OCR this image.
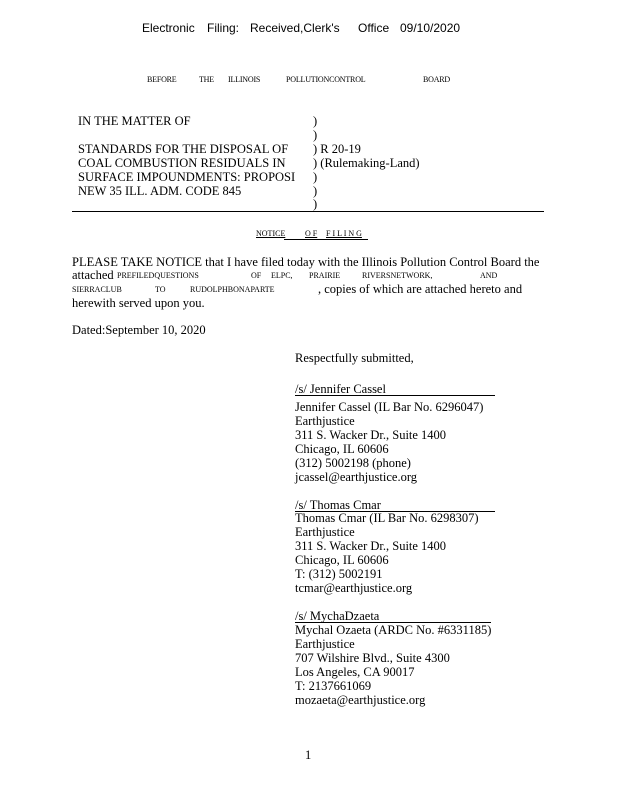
Electronic Filing: Received,Clerk's Office 09/10/2020
BEFORE	THE ILLINOIS	POLLUTIONCONTROL	BOARD
IN THE MATTER OF
STANDARDS FOR THE DISPOSAL OF
COAL COMBUSTION RESIDUALS IN
SURFACE IMPOUNDMENTS: PROPOSI
NEW 35 ILL. ADM. CODE 845
)
)
) R 20-19
) (Rulemaking-Land)
)
)
)
NOTICE O F F I L I N G
PLEASE TAKE NOTICE that I have filed today with the Illinois Pollution Control Board the
attached PREFILEDQUESTIONS	OF ELPC, PRAIRIE	RIVERSNETWORK,	AND
SIERRACLUB	TO	RUDOLPHBONAPARTE	, copies of which are attached hereto and
herewith served upon you.
Dated:September 10, 2020
Respectfully submitted,
/s/ Jennifer Cassel
Jennifer Cassel (IL Bar No. 6296047)
Earthjustice
311 S. Wacker Dr., Suite 1400
Chicago, IL 60606
(312) 5002198 (phone)
jcassel@earthjustice.org
/s/ Thomas Cmar
Thomas Cmar (IL Bar No. 6298307)
Earthjustice
311 S. Wacker Dr., Suite 1400
Chicago, IL 60606
T: (312) 5002191
tcmar@earthjustice.org
/s/ MychaDzaeta
Mychal Ozaeta (ARDC No. #6331185)
Earthjustice
707 Wilshire Blvd., Suite 4300
Los Angeles, CA 90017
T: 2137661069
mozaeta@earthjustice.org
1
